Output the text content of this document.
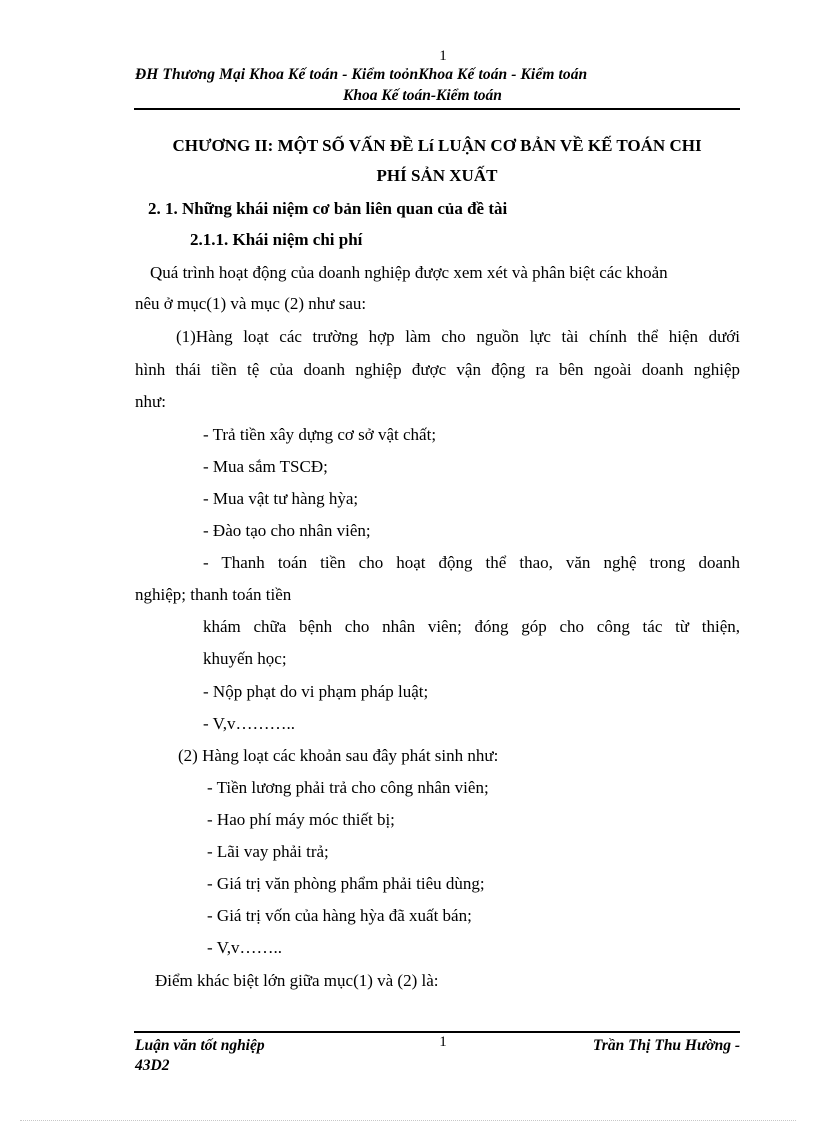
1
ĐH Thương Mại Khoa Kế toán - Kiểm toỏnKhoa Kế toán - Kiểm toán
Khoa Kế toán-Kiểm toán
CHƯƠNG II: MỘT SỐ VẤN ĐỀ Lí LUẬN CƠ BẢN VỀ KẾ TOÁN CHI
PHÍ SẢN XUẤT
2. 1. Những khái niệm cơ bản liên quan của đề tài
2.1.1. Khái niệm chi phí
Quá trình hoạt động của doanh nghiệp được xem xét và phân biệt các khoản
nêu ở mục(1) và mục (2) như sau:
(1)Hàng loạt các trường hợp làm cho nguồn lực tài chính thể hiện dưới
hình thái tiền tệ của doanh nghiệp được vận động ra bên ngoài doanh nghiệp
như:
- Trả tiền xây dựng cơ sở vật chất;
- Mua sắm TSCĐ;
- Mua vật tư hàng hỳa;
- Đào tạo cho nhân viên;
- Thanh toán tiền cho hoạt động thể thao, văn nghệ trong doanh
nghiệp; thanh toán tiền
khám chữa bệnh cho nhân viên; đóng góp cho công tác từ thiện,
khuyến học;
- Nộp phạt do vi phạm pháp luật;
- V,v………..
(2) Hàng loạt các khoản sau đây phát sinh như:
- Tiền lương phải trả cho công nhân viên;
- Hao phí máy móc thiết bị;
- Lãi vay phải trả;
- Giá trị văn phòng phẩm phải tiêu dùng;
- Giá trị vốn của hàng hỳa đã xuất bán;
- V,v……..
Điểm khác biệt lớn giữa mục(1) và (2) là:
Luận văn tốt nghiệp
43D2
1	Trần Thị Thu Hường -
